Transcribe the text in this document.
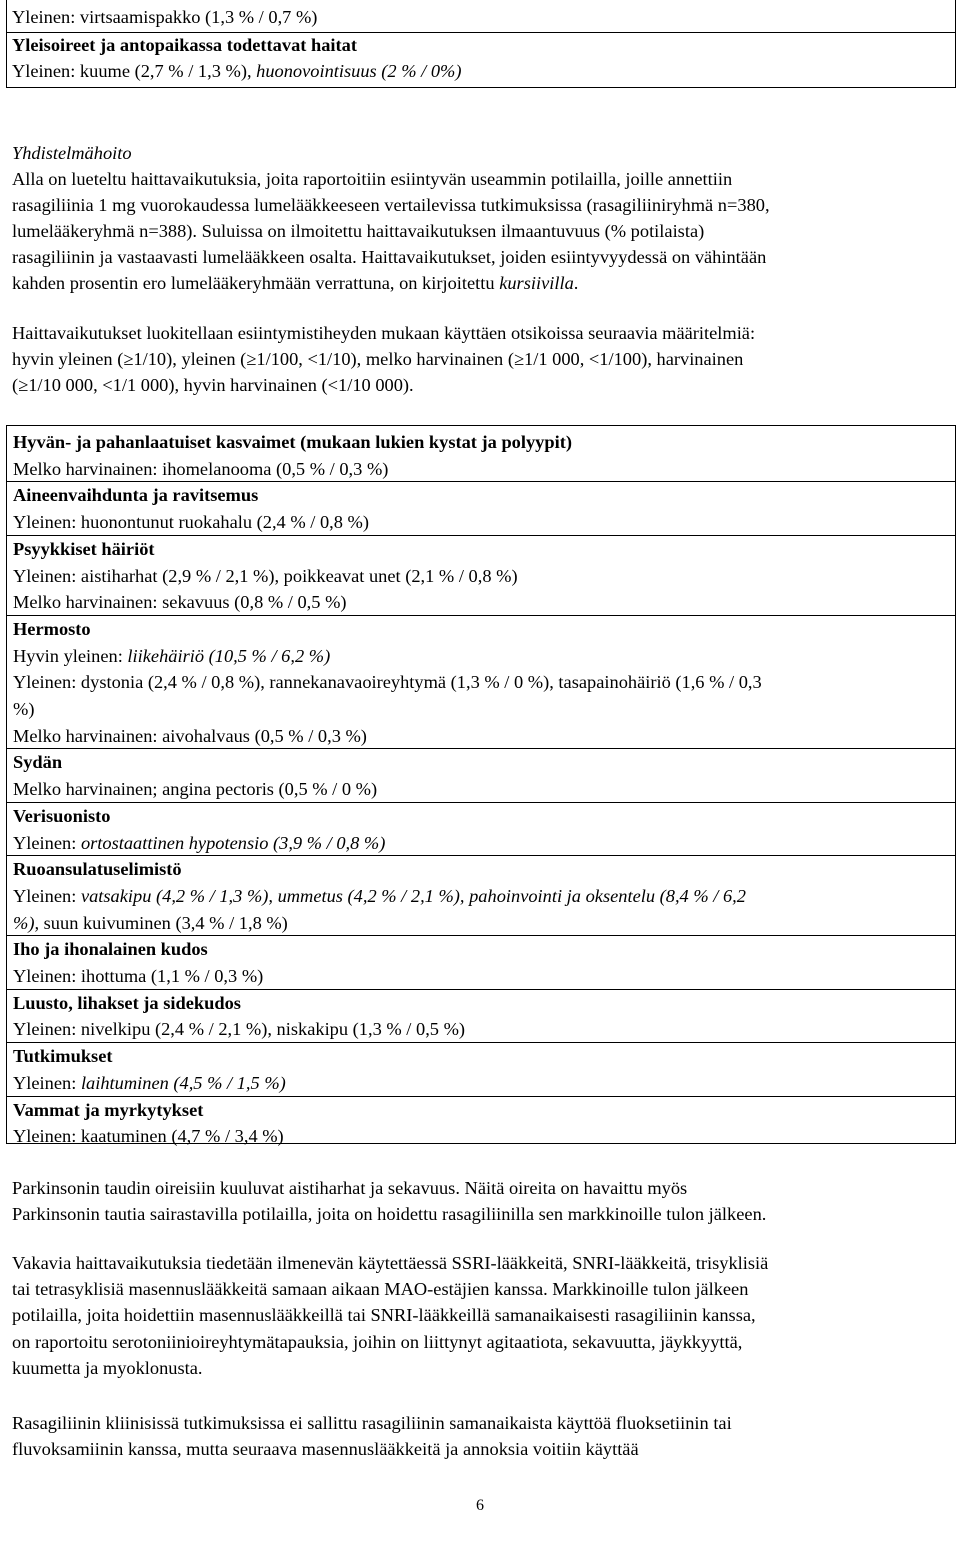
Yleinen: virtsaamispakko (1,3 % / 0,7 %)
Yleisoireet ja antopaikassa todettavat haitat
Yleinen: kuume (2,7 % / 1,3 %), huonovointisuus (2 % / 0%)
Yhdistelmähoito
Alla on lueteltu haittavaikutuksia, joita raportoitiin esiintyvän useammin potilailla, joille annettiin
rasagiliinia 1 mg vuorokaudessa lumelääkkeeseen vertailevissa tutkimuksissa (rasagiliiniryhmä n=380,
lumelääkeryhmä n=388). Suluissa on ilmoitettu haittavaikutuksen ilmaantuvuus (% potilaista)
rasagiliinin ja vastaavasti lumelääkkeen osalta. Haittavaikutukset, joiden esiintyvyydessä on vähintään
kahden prosentin ero lumelääkeryhmään verrattuna, on kirjoitettu kursiivilla.
Haittavaikutukset luokitellaan esiintymistiheyden mukaan käyttäen otsikoissa seuraavia määritelmiä:
hyvin yleinen (≥1/10), yleinen (≥1/100, <1/10), melko harvinainen (≥1/1 000, <1/100), harvinainen
(≥1/10 000, <1/1 000), hyvin harvinainen (<1/10 000).
Hyvän- ja pahanlaatuiset kasvaimet (mukaan lukien kystat ja polyypit)
Melko harvinainen: ihomelanooma (0,5 % / 0,3 %)
Aineenvaihdunta ja ravitsemus
Yleinen: huonontunut ruokahalu (2,4 % / 0,8 %)
Psyykkiset häiriöt
Yleinen: aistiharhat (2,9 % / 2,1 %), poikkeavat unet (2,1 % / 0,8 %)
Melko harvinainen: sekavuus (0,8 % / 0,5 %)
Hermosto
Hyvin yleinen: liikehäiriö (10,5 % / 6,2 %)
Yleinen: dystonia (2,4 % / 0,8 %), rannekanavaoireyhtymä (1,3 % / 0 %), tasapainohäiriö (1,6 % / 0,3
%)
Melko harvinainen: aivohalvaus (0,5 % / 0,3 %)
Sydän
Melko harvinainen; angina pectoris (0,5 % / 0 %)
Verisuonisto
Yleinen: ortostaattinen hypotensio (3,9 % / 0,8 %)
Ruoansulatuselimistö
Yleinen: vatsakipu (4,2 % / 1,3 %), ummetus (4,2 % / 2,1 %), pahoinvointi ja oksentelu (8,4 % / 6,2
%), suun kuivuminen (3,4 % / 1,8 %)
Iho ja ihonalainen kudos
Yleinen: ihottuma (1,1 % / 0,3 %)
Luusto, lihakset ja sidekudos
Yleinen: nivelkipu (2,4 % / 2,1 %), niskakipu (1,3 % / 0,5 %)
Tutkimukset
Yleinen: laihtuminen (4,5 % / 1,5 %)
Vammat ja myrkytykset
Yleinen: kaatuminen (4,7 % / 3,4 %)
Parkinsonin taudin oireisiin kuuluvat aistiharhat ja sekavuus. Näitä oireita on havaittu myös
Parkinsonin tautia sairastavilla potilailla, joita on hoidettu rasagiliinilla sen markkinoille tulon jälkeen.
Vakavia haittavaikutuksia tiedetään ilmenevän käytettäessä SSRI-lääkkeitä, SNRI-lääkkeitä, trisyklisiä
tai tetrasyklisiä masennuslääkkeitä samaan aikaan MAO-estäjien kanssa. Markkinoille tulon jälkeen
potilailla, joita hoidettiin masennuslääkkeillä tai SNRI-lääkkeillä samanaikaisesti rasagiliinin kanssa,
on raportoitu serotoniinioireyhtymätapauksia, joihin on liittynyt agitaatiota, sekavuutta, jäykkyyttä,
kuumetta ja myoklonusta.
Rasagiliinin kliinisissä tutkimuksissa ei sallittu rasagiliinin samanaikaista käyttöä fluoksetiinin tai
fluvoksamiinin kanssa, mutta seuraava masennuslääkkeitä ja annoksia voitiin käyttää
6
